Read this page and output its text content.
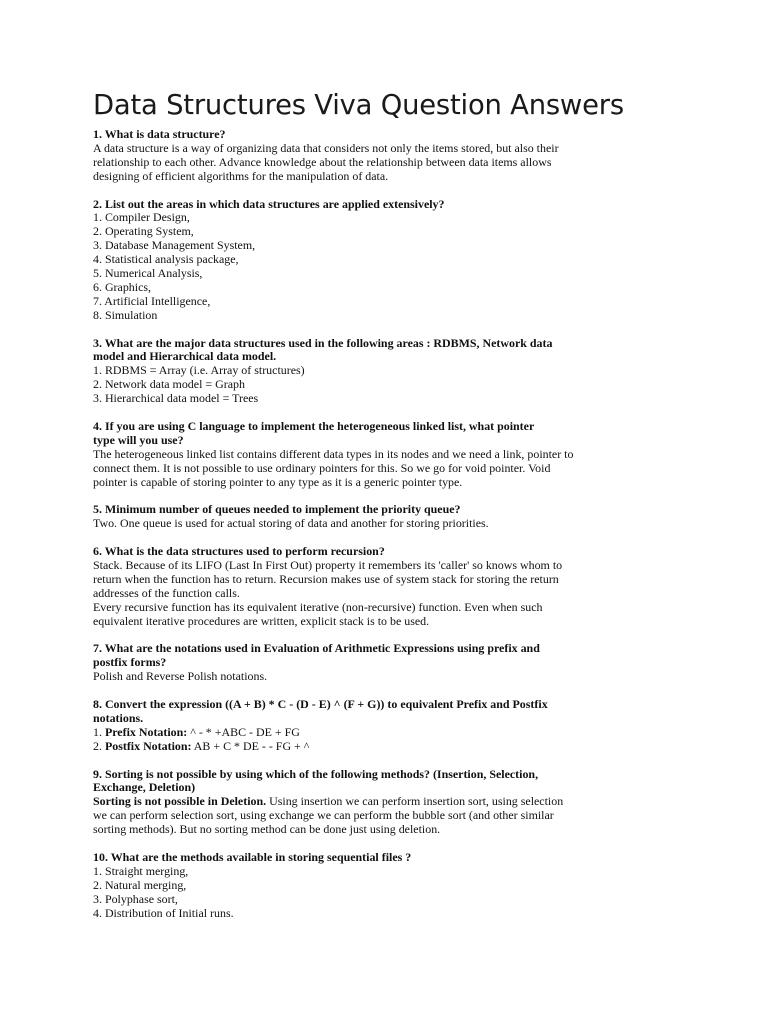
Data Structures Viva Question Answers

1. What is data structure?

A data structure is a way of organizing data that considers not only the items stored, but also their

relationship to each other. Advance knowledge about the relationship between data items allows

designing of efficient algorithms for the manipulation of data.

2. List out the areas in which data structures are applied extensively?

1. Compiler Design,

2. Operating System,

3. Database Management System,

4. Statistical analysis package,

5. Numerical Analysis,

6. Graphics,

7. Artificial Intelligence,

8. Simulation

3. What are the major data structures used in the following areas : RDBMS, Network data

model and Hierarchical data model.

1. RDBMS = Array (i.e. Array of structures)

2. Network data model = Graph

3. Hierarchical data model = Trees

4. If you are using C language to implement the heterogeneous linked list, what pointer

type will you use?

The heterogeneous linked list contains different data types in its nodes and we need a link, pointer to

connect them. It is not possible to use ordinary pointers for this. So we go for void pointer. Void

pointer is capable of storing pointer to any type as it is a generic pointer type.

5. Minimum number of queues needed to implement the priority queue?

Two. One queue is used for actual storing of data and another for storing priorities.

6. What is the data structures used to perform recursion?

Stack. Because of its LIFO (Last In First Out) property it remembers its 'caller' so knows whom to

return when the function has to return. Recursion makes use of system stack for storing the return

addresses of the function calls.

Every recursive function has its equivalent iterative (non-recursive) function. Even when such

equivalent iterative procedures are written, explicit stack is to be used.

7. What are the notations used in Evaluation of Arithmetic Expressions using prefix and

postfix forms?

Polish and Reverse Polish notations.

8. Convert the expression ((A + B) * C - (D - E) ^ (F + G)) to equivalent Prefix and Postfix

notations.

1. Prefix Notation: ^ - * +ABC - DE + FG

2. Postfix Notation: AB + C * DE - - FG + ^

9. Sorting is not possible by using which of the following methods? (Insertion, Selection,

Exchange, Deletion)

Sorting is not possible in Deletion. Using insertion we can perform insertion sort, using selection

we can perform selection sort, using exchange we can perform the bubble sort (and other similar

sorting methods). But no sorting method can be done just using deletion.

10. What are the methods available in storing sequential files ?

1. Straight merging,

2. Natural merging,

3. Polyphase sort,

4. Distribution of Initial runs.
